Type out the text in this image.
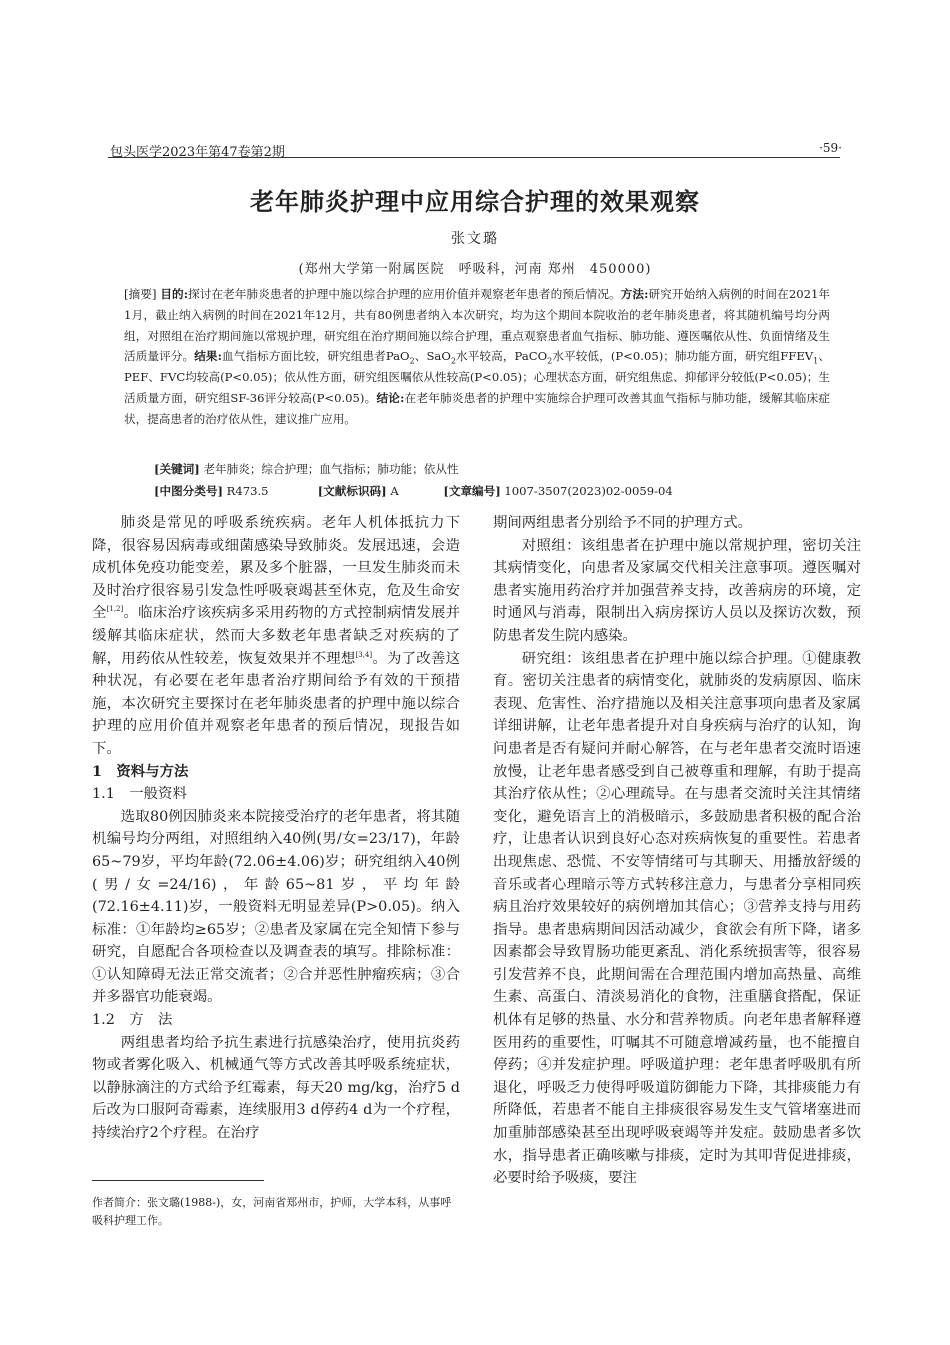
包头医学2023年第47卷第2期	·59·
老年肺炎护理中应用综合护理的效果观察
张文璐
(郑州大学第一附属医院　呼吸科，河南 郑州　450000)
[摘要] 目的:探讨在老年肺炎患者的护理中施以综合护理的应用价值并观察老年患者的预后情况。方法:研究开始纳入病例的时间在2021年1月，截止纳入病例的时间在2021年12月，共有80例患者纳入本次研究，均为这个期间本院收治的老年肺炎患者，将其随机编号均分两组，对照组在治疗期间施以常规护理，研究组在治疗期间施以综合护理，重点观察患者血气指标、肺功能、遵医嘱依从性、负面情绪及生活质量评分。结果:血气指标方面比较，研究组患者PaO$_2$、SaO$_2$水平较高，PaCO$_2$水平较低，(P<0.05)；肺功能方面，研究组$FFEV_1$、PEF、FVC均较高(P<0.05)；依从性方面，研究组医嘱依从性较高(P<0.05)；心理状态方面，研究组焦虑、抑郁评分较低(P<0.05)；生活质量方面，研究组SF-36评分较高(P<0.05)。结论:在老年肺炎患者的护理中实施综合护理可改善其血气指标与肺功能，缓解其临床症状，提高患者的治疗依从性，建议推广应用。
[关键词] 老年肺炎；综合护理；血气指标；肺功能；依从性
[中图分类号] R473.5	[文献标识码] A	[文章编号] 1007-3507(2023)02-0059-04

肺炎是常见的呼吸系统疾病。老年人机体抵抗力下降，很容易因病毒或细菌感染导致肺炎。发展迅速，会造成机体免疫功能变差，累及多个脏器，一旦发生肺炎而未及时治疗很容易引发急性呼吸衰竭甚至休克，危及生命安全[1,2]。临床治疗该疾病多采用药物的方式控制病情发展并缓解其临床症状，然而大多数老年患者缺乏对疾病的了解，用药依从性较差，恢复效果并不理想[3,4]。为了改善这种状况，有必要在老年患者治疗期间给予有效的干预措施，本次研究主要探讨在老年肺炎患者的护理中施以综合护理的应用价值并观察老年患者的预后情况，现报告如下。

1　资料与方法

1.1　一般资料

选取80例因肺炎来本院接受治疗的老年患者，将其随机编号均分两组，对照组纳入40例(男/女=23/17)，年龄65~79岁，平均年龄(72.06±4.06)岁；研究组纳入40例(男/女=24/16)，年龄65~81岁，平均年龄(72.16±4.11)岁，一般资料无明显差异(P>0.05)。纳入标准：①年龄均≥65岁；②患者及家属在完全知情下参与研究，自愿配合各项检查以及调查表的填写。排除标准：①认知障碍无法正常交流者；②合并恶性肿瘤疾病；③合并多器官功能衰竭。

1.2　方　法

两组患者均给予抗生素进行抗感染治疗，使用抗炎药物或者雾化吸入、机械通气等方式改善其呼吸系统症状，以静脉滴注的方式给予红霉素，每天20 mg/kg，治疗5 d后改为口服阿奇霉素，连续服用3 d停药4 d为一个疗程，持续治疗2个疗程。在治疗

期间两组患者分别给予不同的护理方式。

对照组：该组患者在护理中施以常规护理，密切关注其病情变化，向患者及家属交代相关注意事项。遵医嘱对患者实施用药治疗并加强营养支持，改善病房的环境，定时通风与消毒，限制出入病房探访人员以及探访次数，预防患者发生院内感染。

研究组：该组患者在护理中施以综合护理。①健康教育。密切关注患者的病情变化，就肺炎的发病原因、临床表现、危害性、治疗措施以及相关注意事项向患者及家属详细讲解，让老年患者提升对自身疾病与治疗的认知，询问患者是否有疑问并耐心解答，在与老年患者交流时语速放慢，让老年患者感受到自己被尊重和理解，有助于提高其治疗依从性；②心理疏导。在与患者交流时关注其情绪变化，避免语言上的消极暗示，多鼓励患者积极的配合治疗，让患者认识到良好心态对疾病恢复的重要性。若患者出现焦虑、恐慌、不安等情绪可与其聊天、用播放舒缓的音乐或者心理暗示等方式转移注意力，与患者分享相同疾病且治疗效果较好的病例增加其信心；③营养支持与用药指导。患者患病期间因活动减少，食欲会有所下降，诸多因素都会导致胃肠功能更紊乱、消化系统损害等，很容易引发营养不良，此期间需在合理范围内增加高热量、高维生素、高蛋白、清淡易消化的食物，注重膳食搭配，保证机体有足够的热量、水分和营养物质。向老年患者解释遵医用药的重要性，叮嘱其不可随意增减药量，也不能擅自停药；④并发症护理。呼吸道护理：老年患者呼吸肌有所退化，呼吸乏力使得呼吸道防御能力下降，其排痰能力有所降低，若患者不能自主排痰很容易发生支气管堵塞进而加重肺部感染甚至出现呼吸衰竭等并发症。鼓励患者多饮水，指导患者正确咳嗽与排痰，定时为其叩背促进排痰，必要时给予吸痰，要注

作者简介：张文璐(1988-)，女，河南省郑州市，护师，大学本科，从事呼吸科护理工作。
